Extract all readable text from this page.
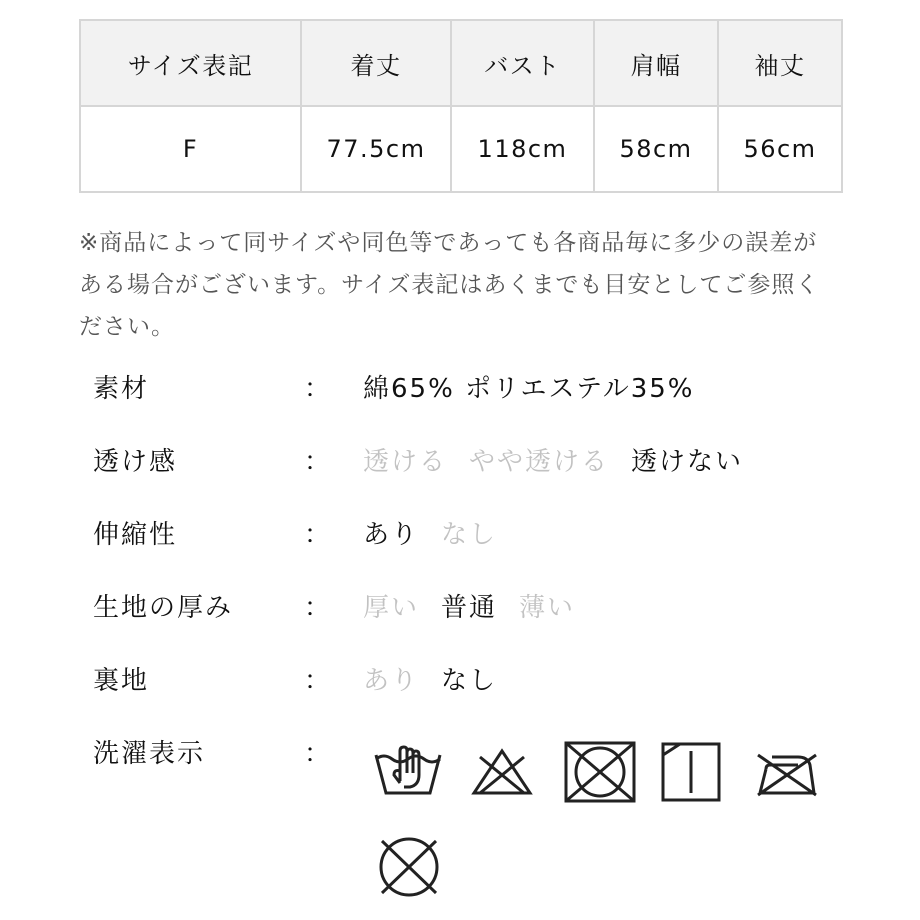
サイズ表記	着丈	バスト	肩幅	袖丈
F	77.5cm	118cm	58cm	56cm
※商品によって同サイズや同色等であっても各商品毎に多少の誤差がある場合がございます。サイズ表記はあくまでも目安としてご参照ください。
素材	： 綿65% ポリエステル35%
透け感	： 透ける やや透ける 透けない
伸縮性	： あり なし
生地の厚み	： 厚い 普通 薄い
裏地	： あり なし
洗濯表示	：
